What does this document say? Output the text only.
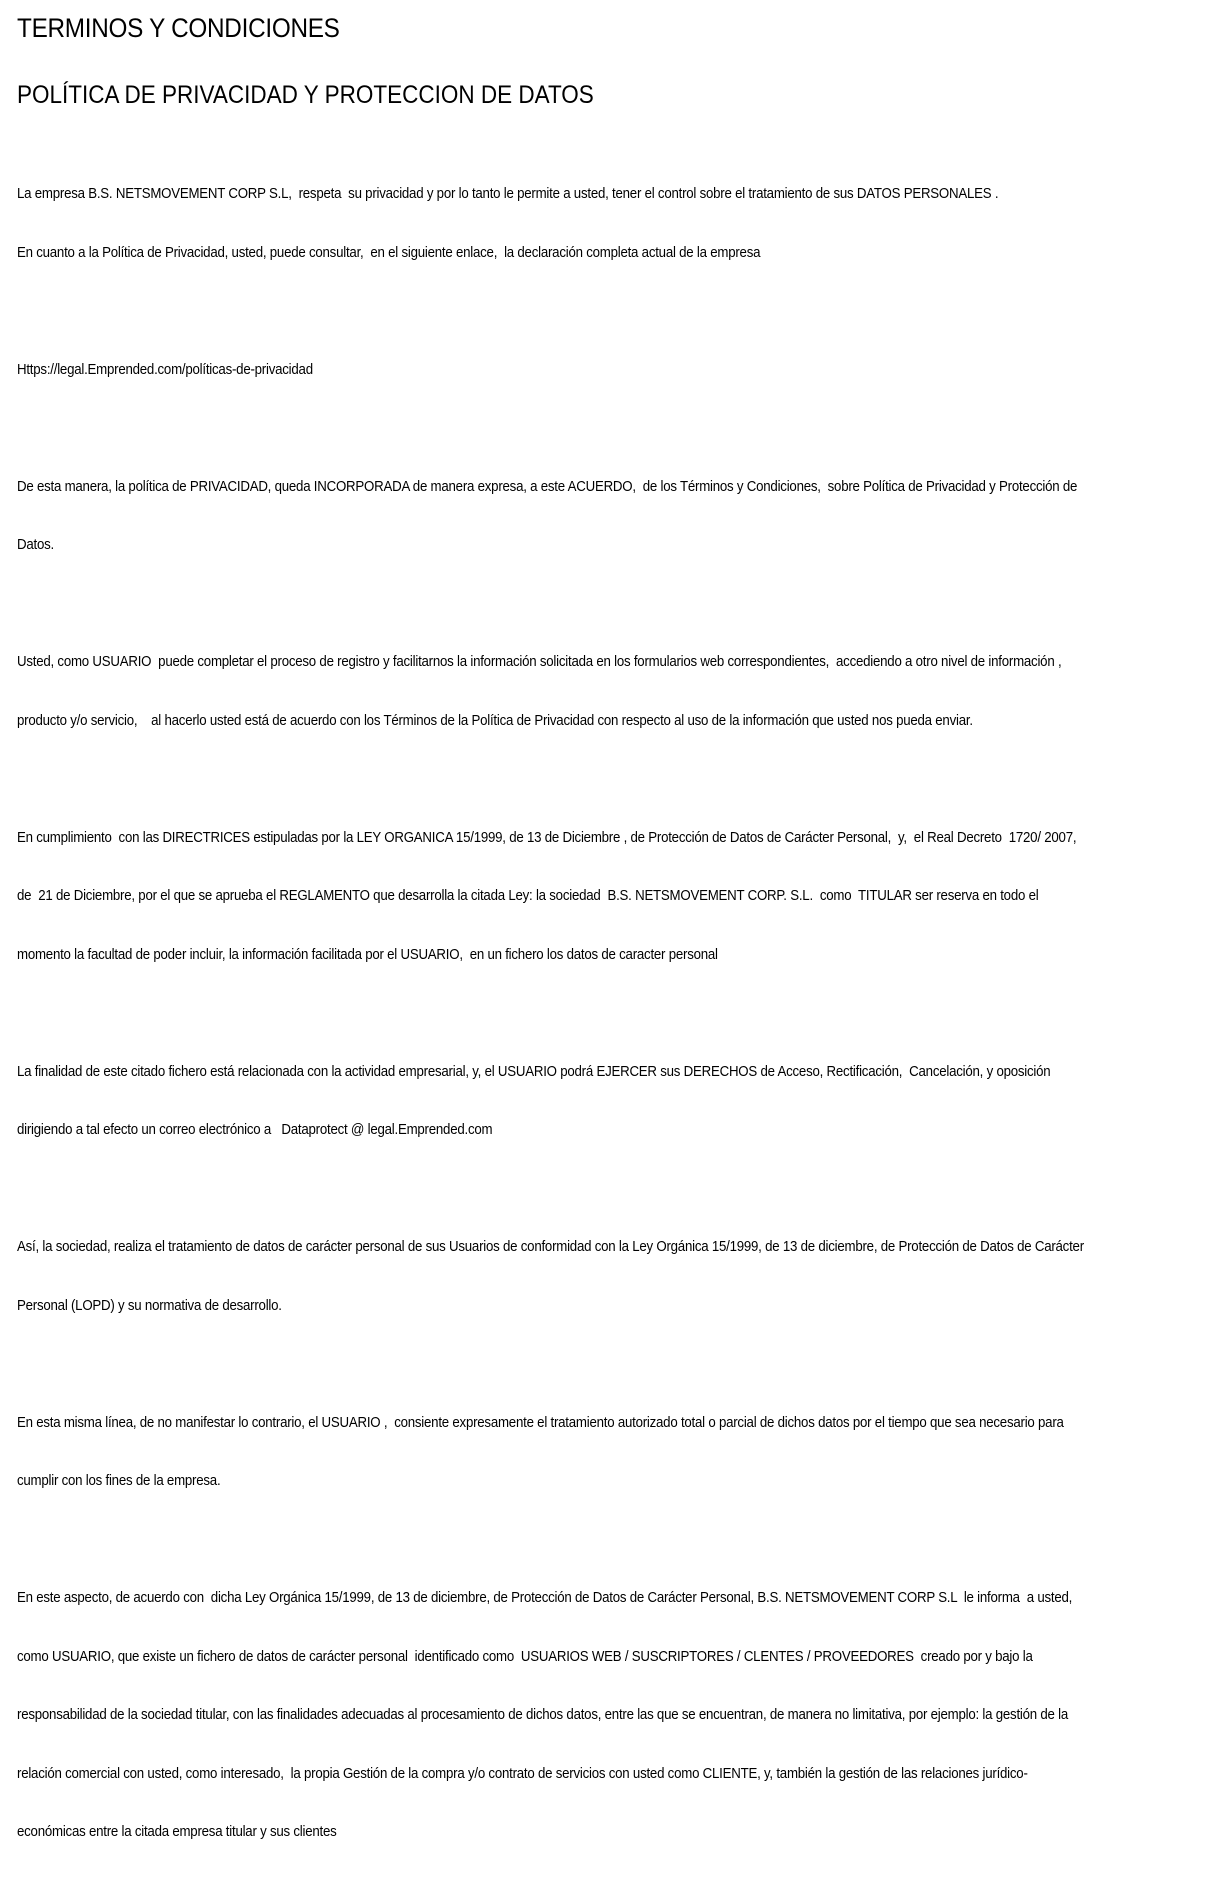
TERMINOS Y CONDICIONES
POLÍTICA DE PRIVACIDAD Y PROTECCION DE DATOS

La empresa B.S. NETSMOVEMENT CORP S.L,  respeta  su privacidad y por lo tanto le permite a usted, tener el control sobre el tratamiento de sus DATOS PERSONALES .

En cuanto a la Política de Privacidad, usted, puede consultar,  en el siguiente enlace,  la declaración completa actual de la empresa

Https://legal.Emprended.com/políticas-de-privacidad

De esta manera, la política de PRIVACIDAD, queda INCORPORADA de manera expresa, a este ACUERDO,  de los Términos y Condiciones,  sobre Política de Privacidad y Protección de

Datos.

Usted, como USUARIO  puede completar el proceso de registro y facilitarnos la información solicitada en los formularios web correspondientes,  accediendo a otro nivel de información ,

producto y/o servicio,    al hacerlo usted está de acuerdo con los Términos de la Política de Privacidad con respecto al uso de la información que usted nos pueda enviar.

En cumplimiento  con las DIRECTRICES estipuladas por la LEY ORGANICA 15/1999, de 13 de Diciembre , de Protección de Datos de Carácter Personal,  y,  el Real Decreto  1720/ 2007,

de  21 de Diciembre, por el que se aprueba el REGLAMENTO que desarrolla la citada Ley: la sociedad  B.S. NETSMOVEMENT CORP. S.L.  como  TITULAR ser reserva en todo el

momento la facultad de poder incluir, la información facilitada por el USUARIO,  en un fichero los datos de caracter personal

La finalidad de este citado fichero está relacionada con la actividad empresarial, y, el USUARIO podrá EJERCER sus DERECHOS de Acceso, Rectificación,  Cancelación, y oposición

dirigiendo a tal efecto un correo electrónico a   Dataprotect @ legal.Emprended.com

Así, la sociedad, realiza el tratamiento de datos de carácter personal de sus Usuarios de conformidad con la Ley Orgánica 15/1999, de 13 de diciembre, de Protección de Datos de Carácter

Personal (LOPD) y su normativa de desarrollo.

En esta misma línea, de no manifestar lo contrario, el USUARIO ,  consiente expresamente el tratamiento autorizado total o parcial de dichos datos por el tiempo que sea necesario para

cumplir con los fines de la empresa.

En este aspecto, de acuerdo con  dicha Ley Orgánica 15/1999, de 13 de diciembre, de Protección de Datos de Carácter Personal, B.S. NETSMOVEMENT CORP S.L  le informa  a usted,

como USUARIO, que existe un fichero de datos de carácter personal  identificado como  USUARIOS WEB / SUSCRIPTORES / CLENTES / PROVEEDORES  creado por y bajo la

responsabilidad de la sociedad titular, con las finalidades adecuadas al procesamiento de dichos datos, entre las que se encuentran, de manera no limitativa, por ejemplo: la gestión de la

relación comercial con usted, como interesado,  la propia Gestión de la compra y/o contrato de servicios con usted como CLIENTE, y, también la gestión de las relaciones jurídico-

económicas entre la citada empresa titular y sus clientes
